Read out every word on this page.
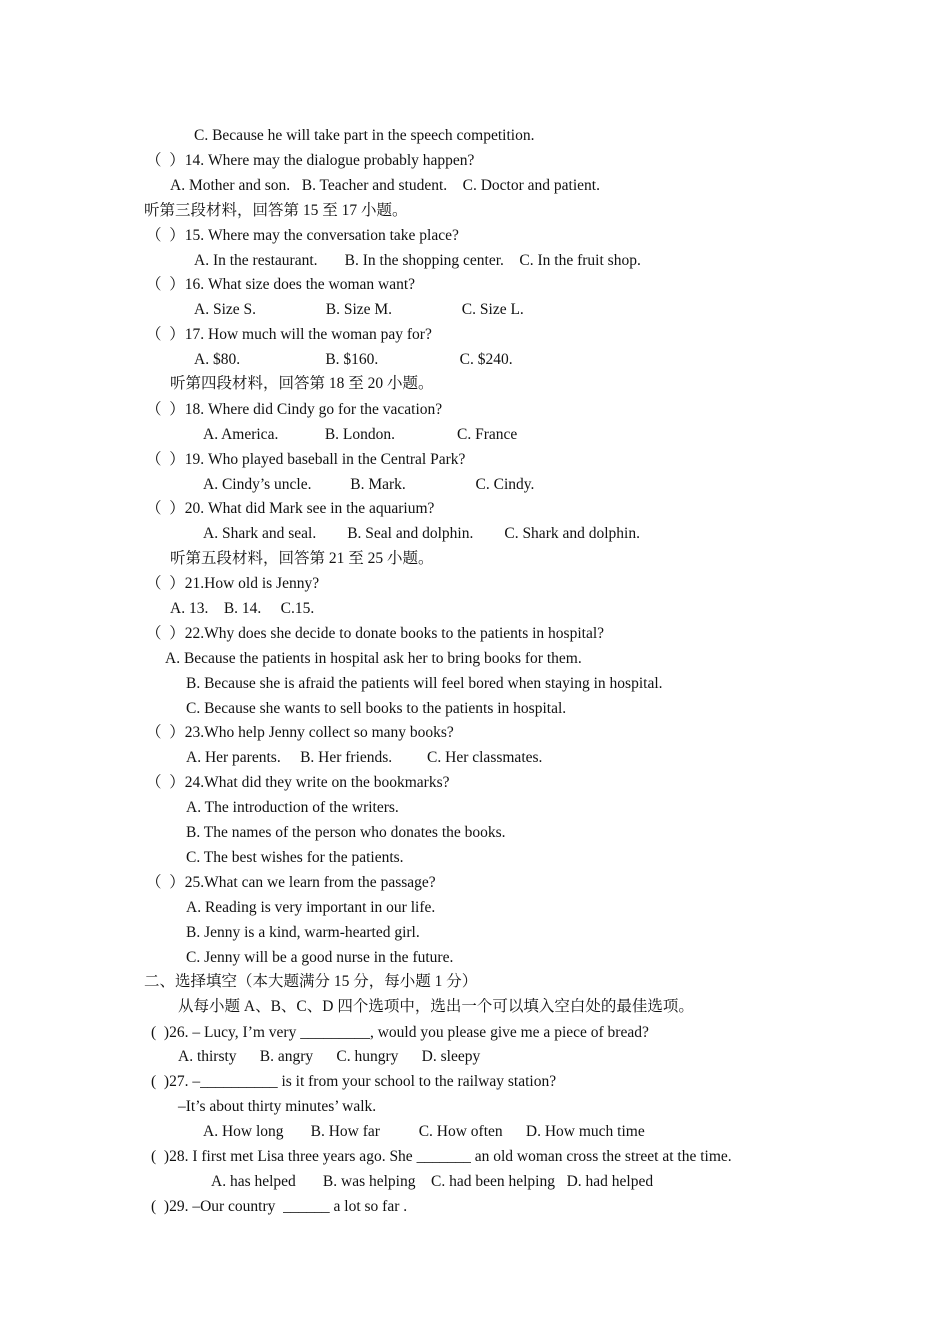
C. Because he will take part in the speech competition.
（  ）14. Where may the dialogue probably happen?
A. Mother and son.   B. Teacher and student.    C. Doctor and patient.
听第三段材料，回答第 15 至 17 小题。
（  ）15. Where may the conversation take place?
A. In the restaurant.       B. In the shopping center.    C. In the fruit shop.
（  ）16. What size does the woman want?
A. Size S.                  B. Size M.                  C. Size L.
（  ）17. How much will the woman pay for?
A. $80.                      B. $160.                     C. $240.
听第四段材料，回答第 18 至 20 小题。
（  ）18. Where did Cindy go for the vacation?
A. America.            B. London.                C. France
（  ）19. Who played baseball in the Central Park?
A. Cindy’s uncle.          B. Mark.                  C. Cindy.
（  ）20. What did Mark see in the aquarium?
A. Shark and seal.        B. Seal and dolphin.        C. Shark and dolphin.
听第五段材料，回答第 21 至 25 小题。
（  ）21.How old is Jenny?
A. 13.    B. 14.     C.15.
（  ）22.Why does she decide to donate books to the patients in hospital?
A. Because the patients in hospital ask her to bring books for them.
B. Because she is afraid the patients will feel bored when staying in hospital.
C. Because she wants to sell books to the patients in hospital.
（  ）23.Who help Jenny collect so many books?
A. Her parents.     B. Her friends.         C. Her classmates.
（  ）24.What did they write on the bookmarks?
A. The introduction of the writers.
B. The names of the person who donates the books.
C. The best wishes for the patients.
（  ）25.What can we learn from the passage?
A. Reading is very important in our life.
B. Jenny is a kind, warm-hearted girl.
C. Jenny will be a good nurse in the future.
二、选择填空（本大题满分 15 分，每小题 1 分）
从每小题 A、B、C、D 四个选项中，选出一个可以填入空白处的最佳选项。
(  )26. – Lucy, I’m very _________, would you please give me a piece of bread?
A. thirsty      B. angry      C. hungry      D. sleepy
(  )27. –__________ is it from your school to the railway station?
–It’s about thirty minutes’ walk.
A. How long       B. How far          C. How often      D. How much time
(  )28. I first met Lisa three years ago. She _______ an old woman cross the street at the time.
A. has helped       B. was helping    C. had been helping   D. had helped
(  )29. –Our country  ______ a lot so far .
